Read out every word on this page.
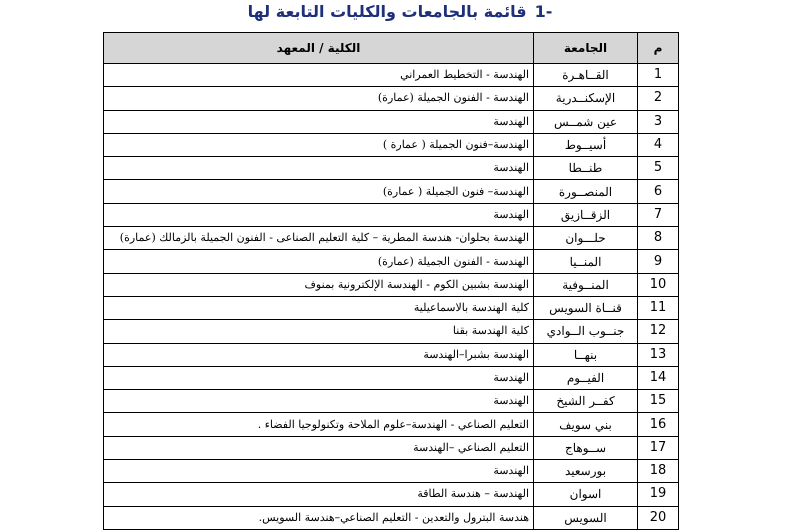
-1
قائمة بالجامعات والكليات التابعة لها
م	الجامعة	الكلية / المعهد
1	القــاهـرة	الهندسة - التخطيط العمراني
2	الإسكنــدرية	الهندسة - الفنون الجميلة (عمارة)
3	عين شمــس	الهندسة
4	أسيــوط	الهندسة–فنون الجميلة ( عمارة )
5	طنــطا	الهندسة
6	المنصــورة	الهندسة– فنون الجميلة ( عمارة)
7	الزقــازيق	الهندسة
8	حلـــوان	الهندسة بحلوان- هندسة المطرية – كلية التعليم الصناعى - الفنون الجميلة بالزمالك (عمارة)
9	المنــيا	الهندسة - الفنون الجميلة (عمارة)
10	المنــوفية	الهندسة بشبين الكوم - الهندسة الإلكترونية بمنوف
11	قنــاة السويس	كلية الهندسة بالاسماعيلية
12	جنــوب الــوادي	كلية الهندسة بقنا
13	بنهــا	الهندسة بشبرا–الهندسة
14	الفيــوم	الهندسة
15	كفــر الشيخ	الهندسة
16	بني سويف	التعليم الصناعي - الهندسة–علوم الملاحة وتكنولوجيا الفضاء .
17	ســوهاج	التعليم الصناعي –الهندسة
18	بورسعيد	الهندسة
19	اسوان	الهندسة – هندسة الطاقة
20	السويس	هندسة البترول والتعدين - التعليم الصناعي–هندسة السويس.
